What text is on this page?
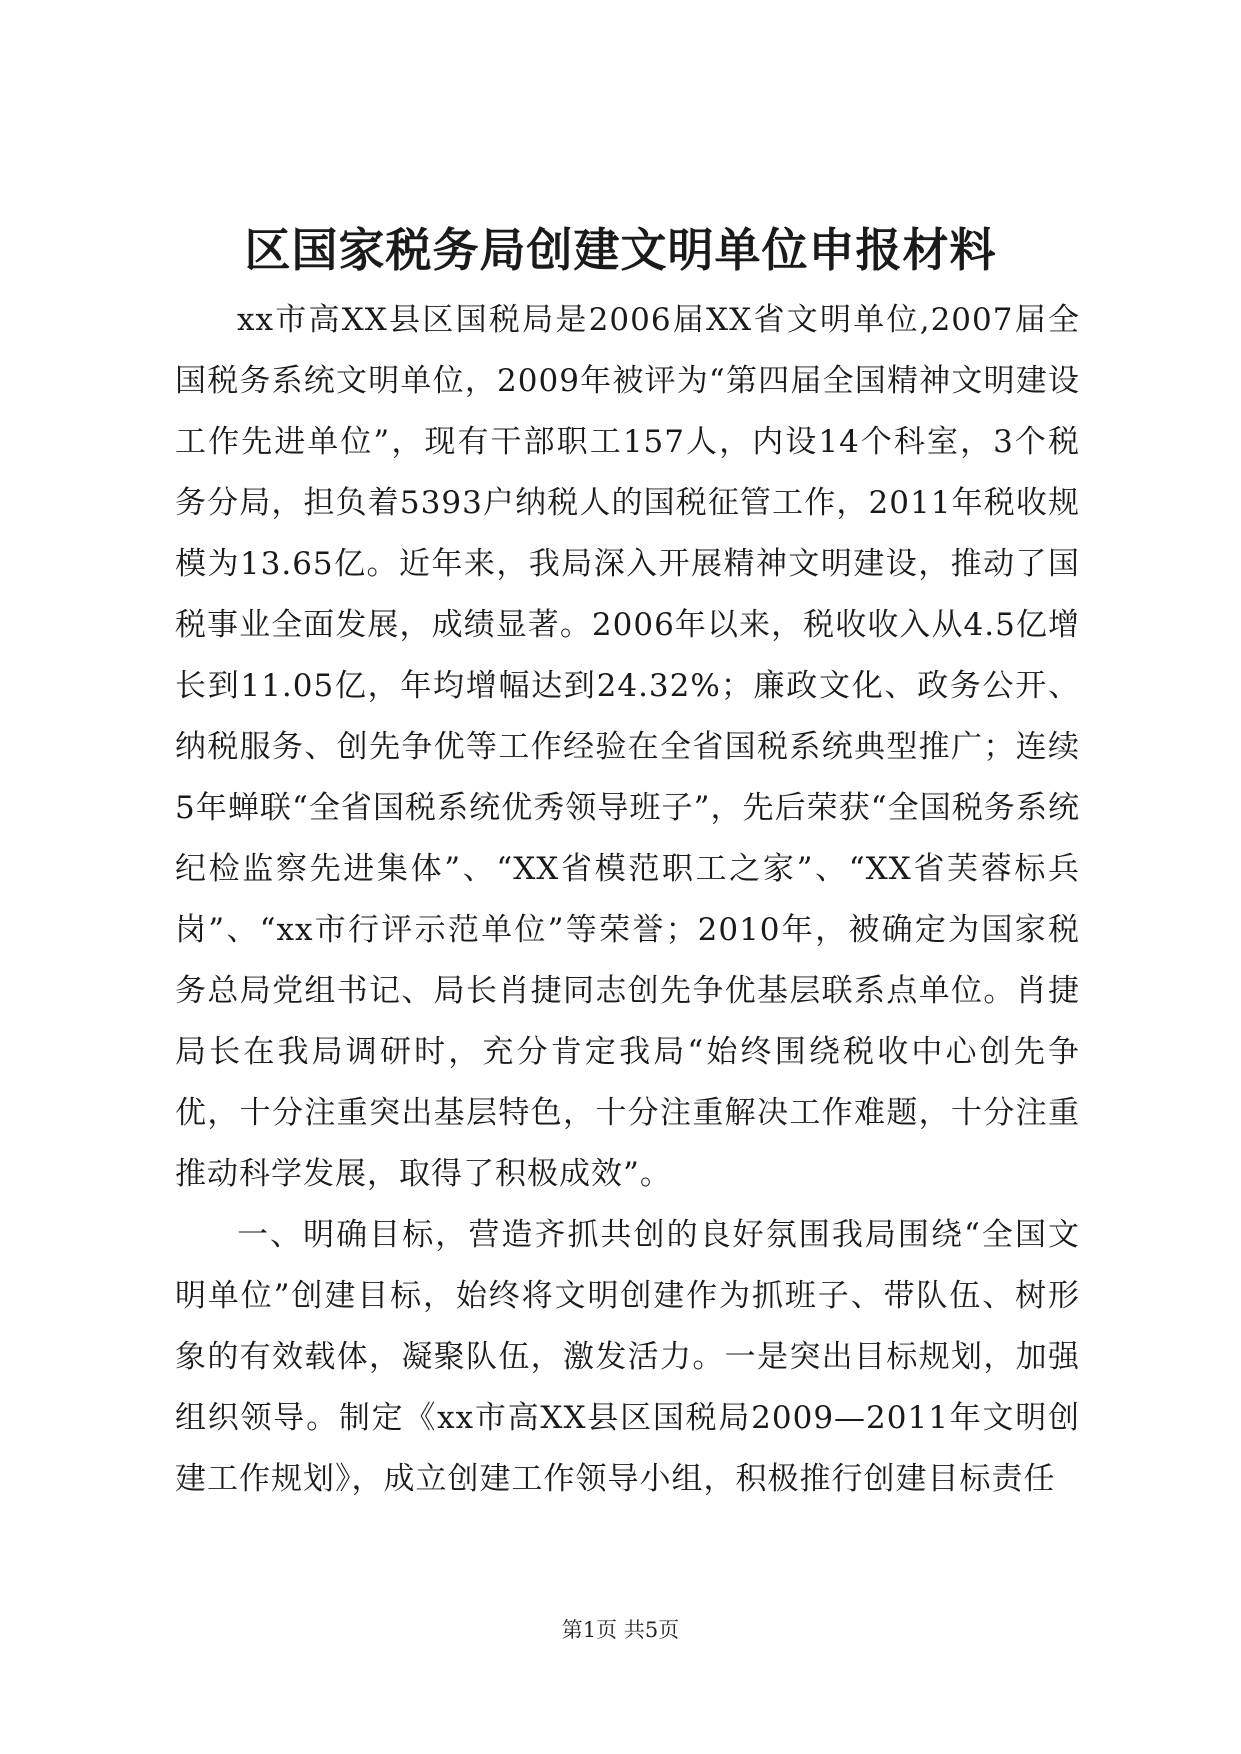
区国家税务局创建文明单位申报材料

xx市高XX县区国税局是2006届XX省文明单位,2007届全国税务系统文明单位，2009年被评为“第四届全国精神文明建设工作先进单位”，现有干部职工157人，内设14个科室，3个税务分局，担负着5393户纳税人的国税征管工作，2011年税收规模为13.65亿。近年来，我局深入开展精神文明建设，推动了国税事业全面发展，成绩显著。2006年以来，税收收入从4.5亿增长到11.05亿，年均增幅达到24.32%；廉政文化、政务公开、纳税服务、创先争优等工作经验在全省国税系统典型推广；连续5年蝉联“全省国税系统优秀领导班子”，先后荣获“全国税务系统纪检监察先进集体”、“XX省模范职工之家”、“XX省芙蓉标兵岗”、“xx市行评示范单位”等荣誉；2010年，被确定为国家税务总局党组书记、局长肖捷同志创先争优基层联系点单位。肖捷局长在我局调研时，充分肯定我局“始终围绕税收中心创先争优，十分注重突出基层特色，十分注重解决工作难题，十分注重推动科学发展，取得了积极成效”。

一、明确目标，营造齐抓共创的良好氛围我局围绕“全国文明单位”创建目标，始终将文明创建作为抓班子、带队伍、树形象的有效载体，凝聚队伍，激发活力。一是突出目标规划，加强组织领导。制定《xx市高XX县区国税局2009—2011年文明创建工作规划》，成立创建工作领导小组，积极推行创建目标责任

第1页 共5页
